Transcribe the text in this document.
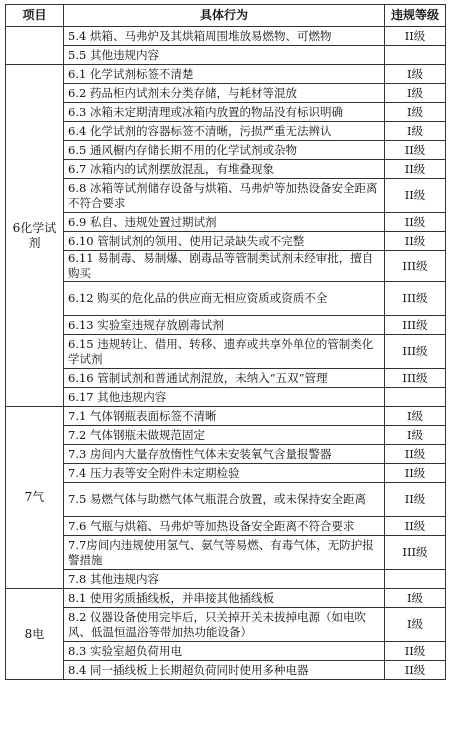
项目	具体行为	违规等级
	5.4 烘箱、马弗炉及其烘箱周围堆放易燃物、可燃物	II级
	5.5 其他违规内容	
6化学试剂	6.1 化学试剂标签不清楚	I级
	6.2 药品柜内试剂未分类存储，与耗材等混放	I级
	6.3 冰箱未定期清理或冰箱内放置的物品没有标识明确	I级
	6.4 化学试剂的容器标签不清晰，污损严重无法辨认	I级
	6.5 通风橱内存储长期不用的化学试剂或杂物	II级
	6.7 冰箱内的试剂摆放混乱，有堆叠现象	II级
	6.8 冰箱等试剂储存设备与烘箱、马弗炉等加热设备安全距离不符合要求	II级
	6.9 私自、违规处置过期试剂	II级
	6.10 管制试剂的领用、使用记录缺失或不完整	II级
	6.11 易制毒、易制爆、剧毒品等管制类试剂未经审批，擅自购买	III级
	6.12 购买的危化品的供应商无相应资质或资质不全	III级
	6.13 实验室违规存放剧毒试剂	III级
	6.15 违规转让、借用、转移、遗弃或共享外单位的管制类化学试剂	III级
	6.16 管制试剂和普通试剂混放，未纳入“五双”管理	III级
	6.17 其他违规内容	
7气	7.1 气体钢瓶表面标签不清晰	I级
	7.2 气体钢瓶未做规范固定	I级
	7.3 房间内大量存放惰性气体未安装氧气含量报警器	II级
	7.4 压力表等安全附件未定期检验	II级
	7.5 易燃气体与助燃气体气瓶混合放置，或未保持安全距离	II级
	7.6 气瓶与烘箱、马弗炉等加热设备安全距离不符合要求	II级
	7.7房间内违规使用氢气、氨气等易燃、有毒气体，无防护报警措施	III级
	7.8 其他违规内容	
8电	8.1 使用劣质插线板，并串接其他插线板	I级
	8.2 仪器设备使用完毕后，只关掉开关未拔掉电源（如电吹风、低温恒温浴等带加热功能设备）	I级
	8.3 实验室超负荷用电	II级
	8.4 同一插线板上长期超负荷同时使用多种电器	II级
